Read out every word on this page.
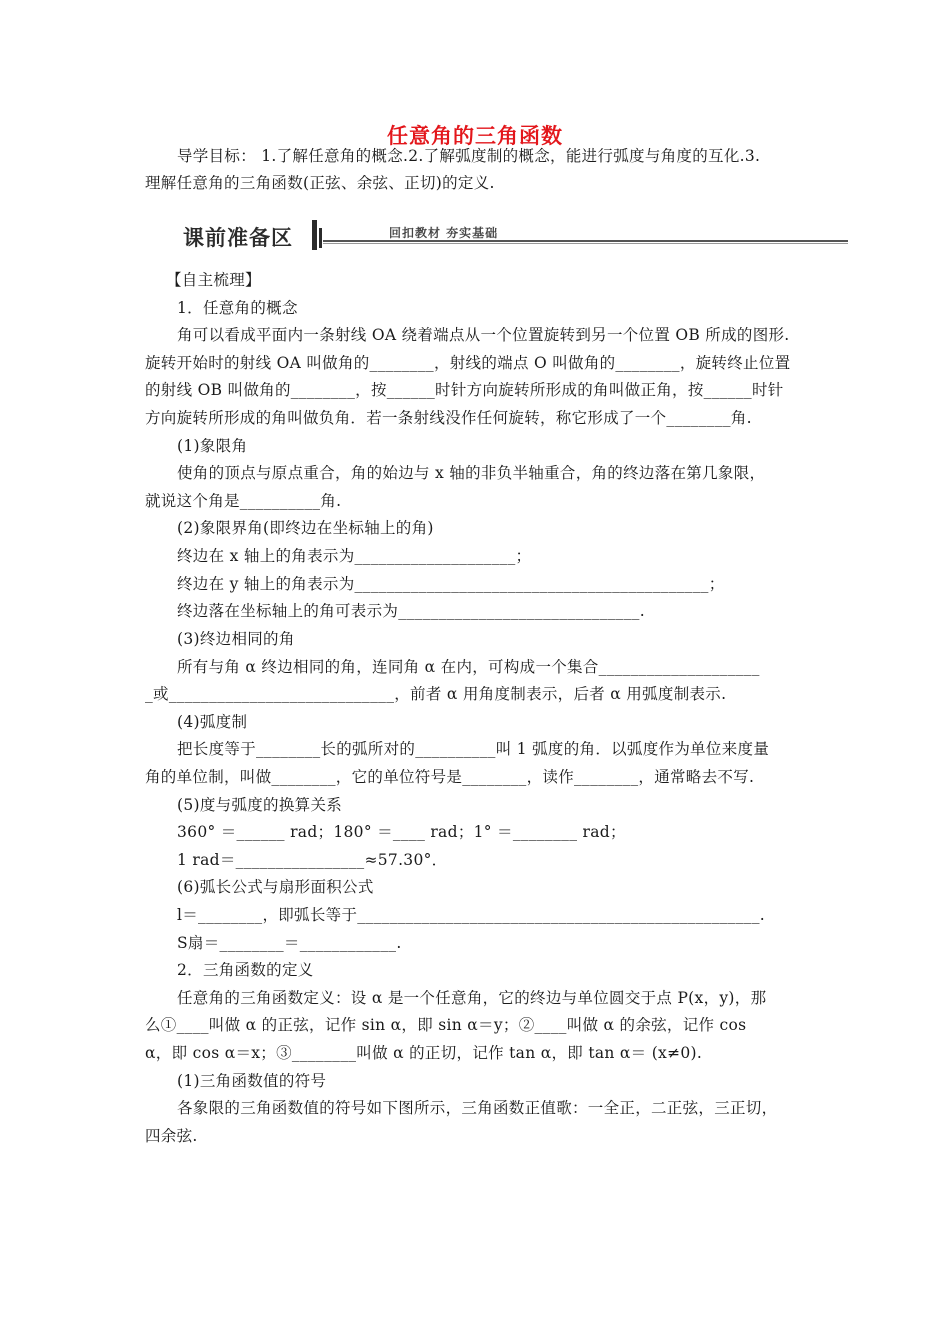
任意角的三角函数
导学目标： 1.了解任意角的概念.2.了解弧度制的概念，能进行弧度与角度的互化.3.
理解任意角的三角函数(正弦、余弦、正切)的定义.
课前准备区	回扣教材 夯实基础
【自主梳理】
1．任意角的概念
角可以看成平面内一条射线 OA 绕着端点从一个位置旋转到另一个位置 OB 所成的图形.
旋转开始时的射线 OA 叫做角的________，射线的端点 O 叫做角的________，旋转终止位置
的射线 OB 叫做角的________，按______时针方向旋转所形成的角叫做正角，按______时针
方向旋转所形成的角叫做负角．若一条射线没作任何旋转，称它形成了一个________角.
(1)象限角
使角的顶点与原点重合，角的始边与 x 轴的非负半轴重合，角的终边落在第几象限，
就说这个角是__________角.
(2)象限界角(即终边在坐标轴上的角)
终边在 x 轴上的角表示为____________________；
终边在 y 轴上的角表示为____________________________________________；
终边落在坐标轴上的角可表示为______________________________.
(3)终边相同的角
所有与角 α 终边相同的角，连同角 α 在内，可构成一个集合____________________
_或____________________________，前者 α 用角度制表示，后者 α 用弧度制表示.
(4)弧度制
把长度等于________长的弧所对的__________叫 1 弧度的角．以弧度作为单位来度量
角的单位制，叫做________，它的单位符号是________，读作________，通常略去不写.
(5)度与弧度的换算关系
360° ＝______ rad；180° ＝____ rad；1° ＝________ rad；
1 rad＝________________≈57.30°．
(6)弧长公式与扇形面积公式
l＝________，即弧长等于__________________________________________________.
S扇＝________＝____________.
2．三角函数的定义
任意角的三角函数定义：设 α 是一个任意角，它的终边与单位圆交于点 P(x，y)，那
么①____叫做 α 的正弦，记作 sin α，即 sin α＝y；②____叫做 α 的余弦，记作 cos
α，即 cos α＝x；③________叫做 α 的正切，记作 tan α，即 tan α＝ (x≠0).
(1)三角函数值的符号
各象限的三角函数值的符号如下图所示，三角函数正值歌：一全正，二正弦，三正切，
四余弦.
